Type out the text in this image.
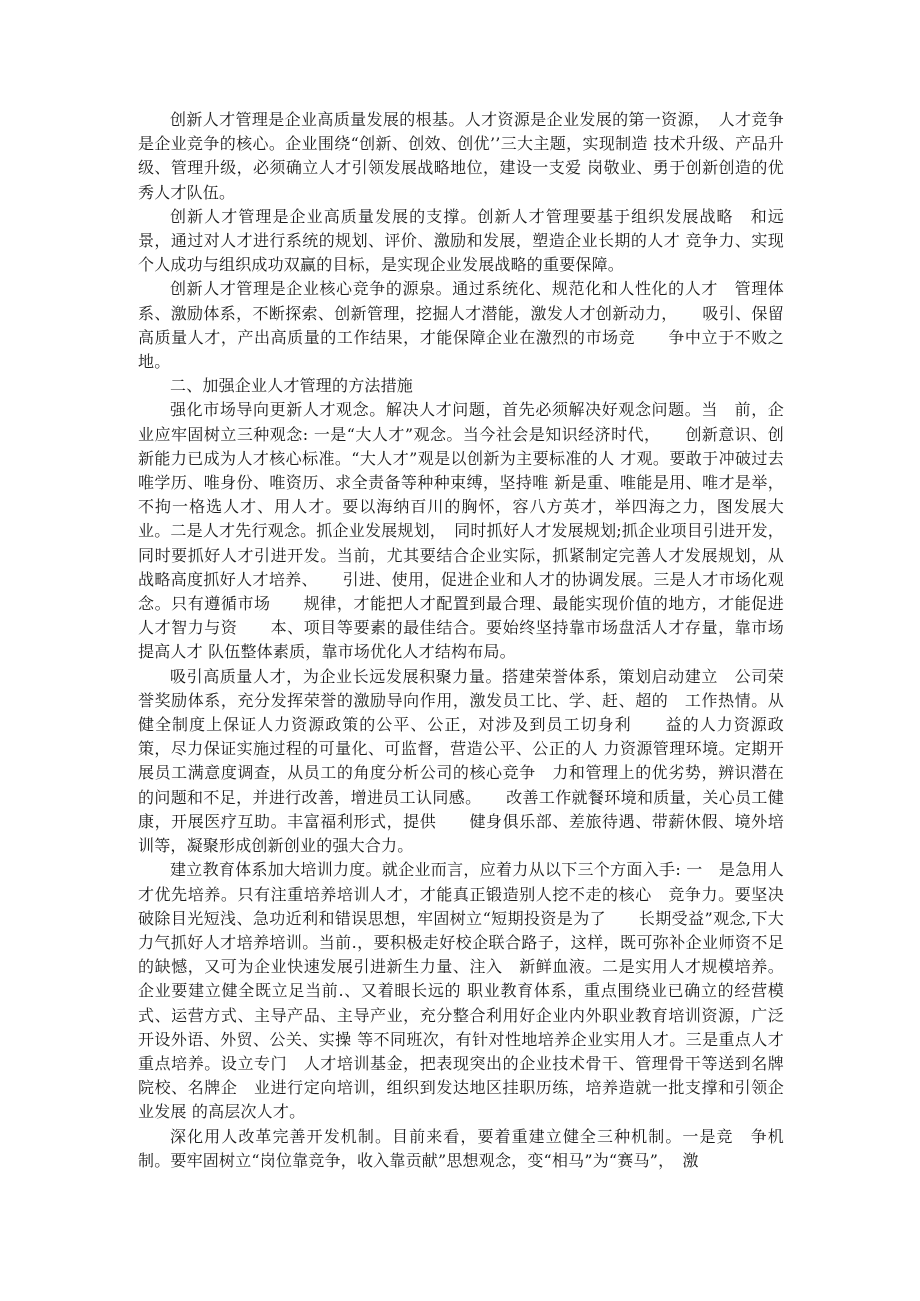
创新人才管理是企业高质量发展的根基。人才资源是企业发展的第一资源，　人才竞争是企业竞争的核心。企业围绕“创新、创效、创优’’三大主题，实现制造 技术升级、产品升级、管理升级，必须确立人才引领发展战略地位，建设一支爱 岗敬业、勇于创新创造的优秀人才队伍。

创新人才管理是企业高质量发展的支撑。创新人才管理要基于组织发展战略　和远景，通过对人才进行系统的规划、评价、激励和发展，塑造企业长期的人才 竞争力、实现个人成功与组织成功双赢的目标，是实现企业发展战略的重要保障。

创新人才管理是企业核心竞争的源泉。通过系统化、规范化和人性化的人才　管理体系、激励体系，不断探索、创新管理，挖掘人才潜能，激发人才创新动力，　　吸引、保留高质量人才，产出高质量的工作结果，才能保障企业在激烈的市场竞　　争中立于不败之地。

二、加强企业人才管理的方法措施

强化市场导向更新人才观念。解决人才问题，首先必须解决好观念问题。当　前，企业应牢固树立三种观念: 一是“大人才”观念。当今社会是知识经济时代，　　创新意识、创新能力已成为人才核心标准。“大人才”观是以创新为主要标准的人 才观。要敢于冲破过去唯学历、唯身份、唯资历、求全责备等种种束缚，坚持唯 新是重、唯能是用、唯才是举，不拘一格选人才、用人才。要以海纳百川的胸怀，容八方英才，举四海之力，图发展大业。二是人才先行观念。抓企业发展规划，　同时抓好人才发展规划;抓企业项目引进开发，同时要抓好人才引进开发。当前，尤其要结合企业实际，抓紧制定完善人才发展规划，从战略高度抓好人才培养、　　引进、使用，促进企业和人才的协调发展。三是人才市场化观念。只有遵循市场　　规律，才能把人才配置到最合理、最能实现价值的地方，才能促进人才智力与资　　本、项目等要素的最佳结合。要始终坚持靠市场盘活人才存量，靠市场提高人才 队伍整体素质，靠市场优化人才结构布局。

吸引高质量人才，为企业长远发展积聚力量。搭建荣誉体系，策划启动建立　公司荣誉奖励体系，充分发挥荣誉的激励导向作用，激发员工比、学、赶、超的　工作热情。从健全制度上保证人力资源政策的公平、公正，对涉及到员工切身利　　益的人力资源政策，尽力保证实施过程的可量化、可监督，营造公平、公正的人 力资源管理环境。定期开展员工满意度调查，从员工的角度分析公司的核心竞争　力和管理上的优劣势，辨识潜在的问题和不足，并进行改善，增进员工认同感。　　改善工作就餐环境和质量，关心员工健康，开展医疗互助。丰富福利形式，提供　　健身俱乐部、差旅待遇、带薪休假、境外培训等，凝聚形成创新创业的强大合力。

建立教育体系加大培训力度。就企业而言，应着力从以下三个方面入手: 一　是急用人才优先培养。只有注重培养培训人才，才能真正锻造别人挖不走的核心　竞争力。要坚决破除目光短浅、急功近利和错误思想，牢固树立“短期投资是为了　　长期受益”观念,下大力气抓好人才培养培训。当前.，要积极走好校企联合路子，这样，既可弥补企业师资不足的缺憾，又可为企业快速发展引进新生力量、注入　新鲜血液。二是实用人才规模培养。企业要建立健全既立足当前.、又着眼长远的 职业教育体系，重点围绕业已确立的经营模式、运营方式、主导产品、主导产业，充分整合利用好企业内外职业教育培训资源，广泛开设外语、外贸、公关、实操 等不同班次，有针对性地培养企业实用人才。三是重点人才重点培养。设立专门　人才培训基金，把表现突出的企业技术骨干、管理骨干等送到名牌院校、名牌企　业进行定向培训，组织到发达地区挂职历练，培养造就一批支撑和引领企业发展 的高层次人才。

深化用人改革完善开发机制。目前来看，要着重建立健全三种机制。一是竞　争机制。要牢固树立“岗位靠竞争，收入靠贡献”思想观念，变“相马”为“赛马”，　激
